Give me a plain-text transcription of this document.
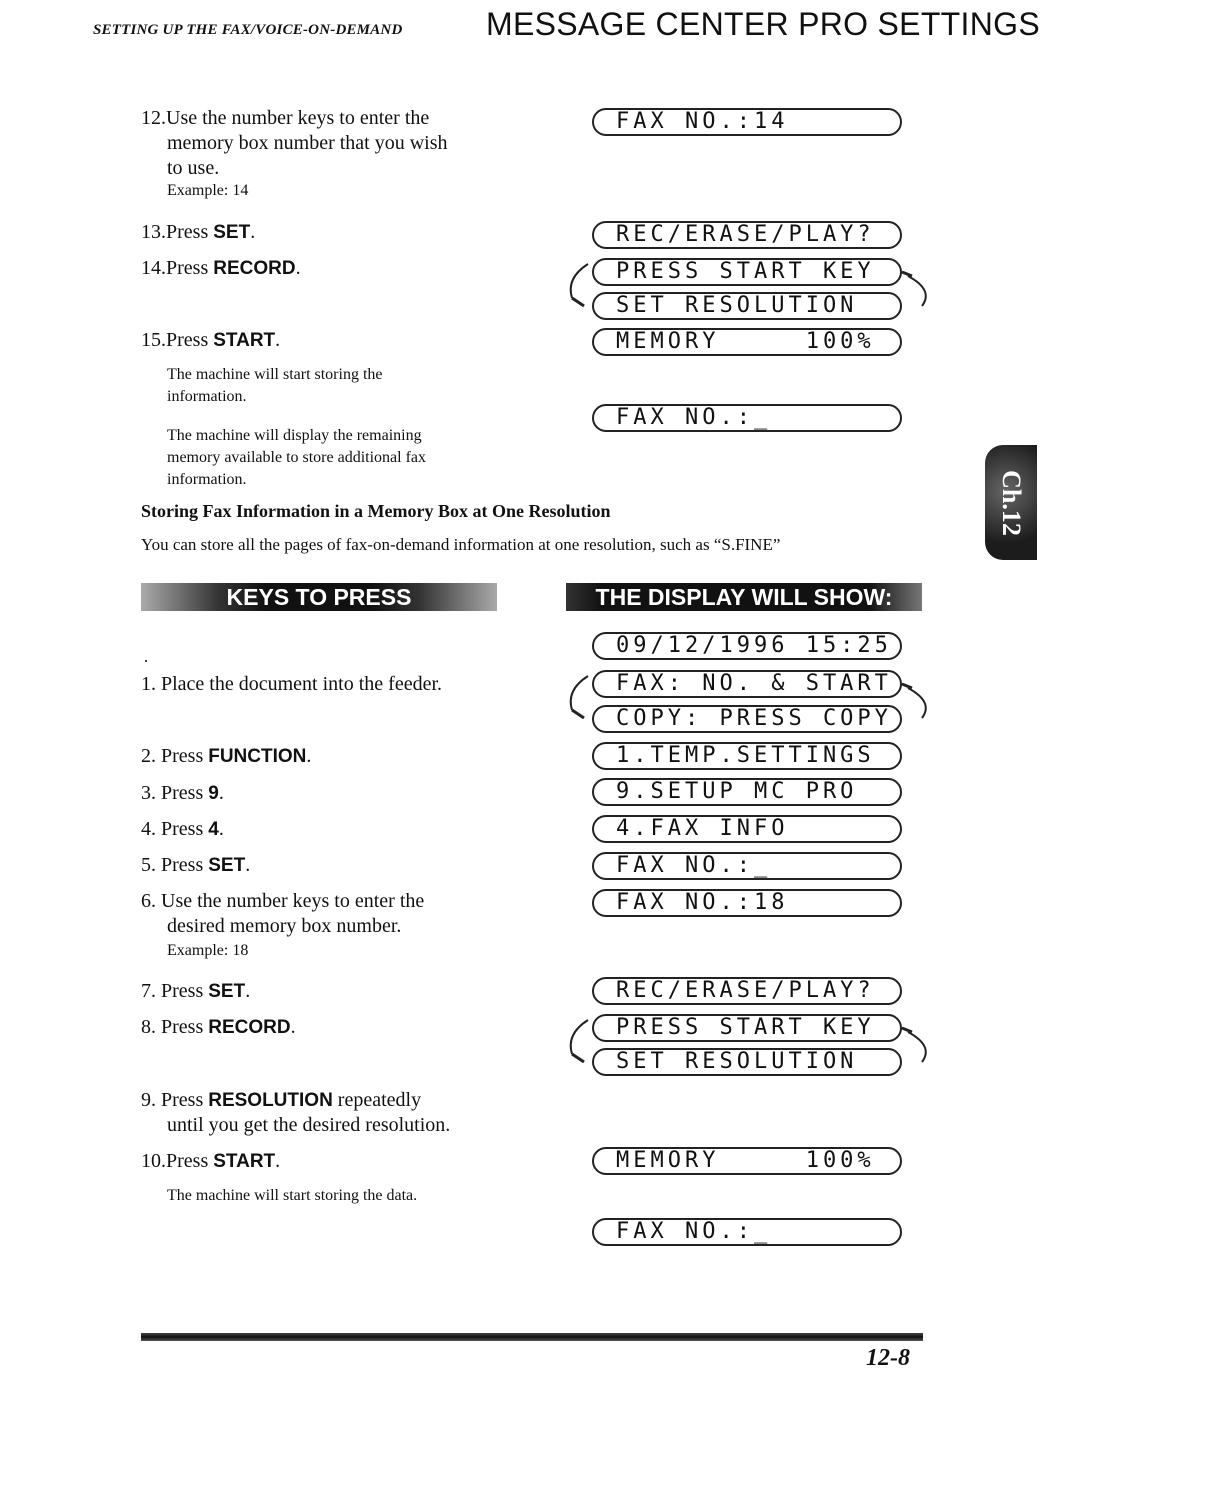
SETTING UP THE FAX/VOICE-ON-DEMAND	MESSAGE CENTER PRO SETTINGS
12.Use the number keys to enter the
memory box number that you wish
to use.
Example: 14
13.Press SET.
14.Press RECORD.
15.Press START.
The machine will start storing the
information.
The machine will display the remaining
memory available to store additional fax
information.
FAX NO.:14
REC/ERASE/PLAY?
PRESS START KEY
SET RESOLUTION
MEMORY     100%
FAX NO.:_
Storing Fax Information in a Memory Box at One Resolution
You can store all the pages of fax-on-demand information at one resolution, such as “S.FINE”
Ch.12
KEYS TO PRESS	THE DISPLAY WILL SHOW:
1. Place the document into the feeder.
2. Press FUNCTION.
3. Press 9.
4. Press 4.
5. Press SET.
6. Use the number keys to enter the
desired memory box number.
Example: 18
7. Press SET.
8. Press RECORD.
9. Press RESOLUTION repeatedly
until you get the desired resolution.
10.Press START.
The machine will start storing the data.
09/12/1996 15:25
FAX: NO. & START
COPY: PRESS COPY
1.TEMP.SETTINGS
9.SETUP MC PRO
4.FAX INFO
FAX NO.:_
FAX NO.:18
REC/ERASE/PLAY?
PRESS START KEY
SET RESOLUTION
MEMORY     100%
FAX NO.:_
12-8
